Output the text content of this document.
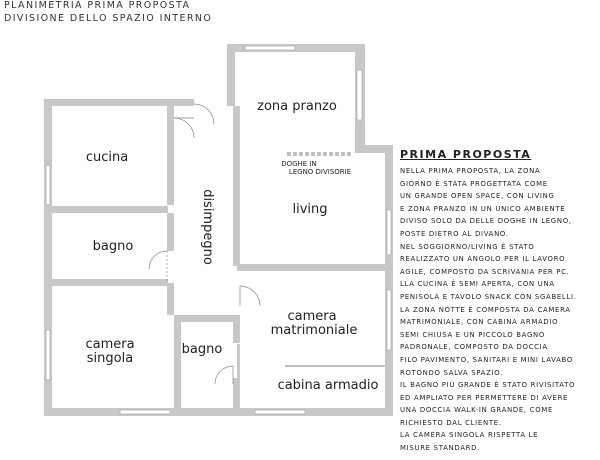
PLANIMETRIA PRIMA PROPOSTA
DIVISIONE DELLO SPAZIO INTERNO
zona pranzo
cucina
disimpegno	living
bagno
camera
matrimoniale
camera
singola
bagno
cabina armadio
DOGHE IN
LEGNO DIVISORIE
PRIMA PROPOSTA
NELLA PRIMA PROPOSTA, LA ZONA
GIORNO È STATA PROGETTATA COME
UN GRANDE OPEN SPACE, CON LIVING
E ZONA PRANZO IN UN UNICO AMBIENTE
DIVISO SOLO DA DELLE DOGHE IN LEGNO,
POSTE DIETRO AL DIVANO.
NEL SOGGIORNO/LIVING È STATO
REALIZZATO UN ANGOLO PER IL LAVORO
AGILE, COMPOSTO DA SCRIVANIA PER PC.
LLA CUCINA È SEMI APERTA, CON UNA
PENISOLA E TAVOLO SNACK CON SGABELLI.
LA ZONA NOTTE È COMPOSTA DA CAMERA
MATRIMONIALE, CON CABINA ARMADIO
SEMI CHIUSA E UN PICCOLO BAGNO
PADRONALE, COMPOSTO DA DOCCIA
FILO PAVIMENTO, SANITARI E MINI LAVABO
ROTONDO SALVA SPAZIO.
IL BAGNO PIÙ GRANDE È STATO RIVISITATO
ED AMPLIATO PER PERMETTERE DI AVERE
UNA DOCCIA WALK-IN GRANDE, COME
RICHIESTO DAL CLIENTE.
LA CAMERA SINGOLA RISPETTA LE
MISURE STANDARD.
